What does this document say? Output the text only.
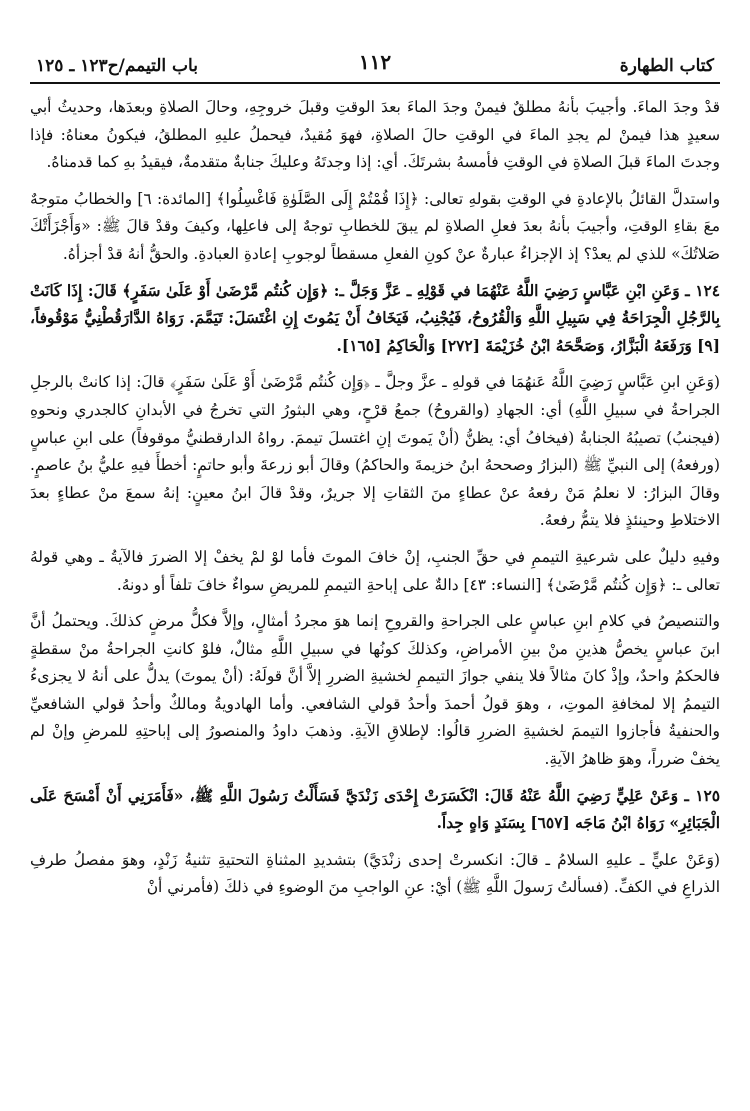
كتاب الطهارة
١١٢
باب التيمم/ح١٢٣ ـ ١٢٥

قدْ وجدَ الماءَ. وأجيبَ بأنهُ مطلقٌ فيمنْ وجدَ الماءَ بعدَ الوقتِ وقبلَ خروجِهِ، وحالَ الصلاةِ وبعدَها، وحديثُ أبي سعيدٍ هذا فيمنْ لم يجدِ الماءَ في الوقتِ حالَ الصلاةِ، فهوَ مُقيدٌ، فيحملُ عليهِ المطلقُ، فيكونُ معناهُ: فإذا وجدتَ الماءَ قبلَ الصلاةِ في الوقتِ فأمسهُ بشرتَكَ. أي: إذا وجدتَهُ وعليكَ جنابةٌ متقدمةٌ، فيقيدُ بهِ كما قدمناهُ.

واستدلَّ القائلُ بالإعادةِ في الوقتِ بقولهِ تعالى: ﴿إِذَا قُمْتُمْ إِلَى الصَّلَوٰةِ فَاغْسِلُوا﴾ [المائدة: ٦] والخطابُ متوجهٌ معَ بقاءِ الوقتِ، وأجيبَ بأنهُ بعدَ فعلِ الصلاةِ لم يبقَ للخطابِ توجهٌ إلى فاعلِها، وكيفَ وقدْ قالَ ﷺ: «وَأَجْزَأَتْكَ صَلاتُكَ» للذي لم يعدْ؟ إذ الإجزاءُ عبارةٌ عنْ كونِ الفعلِ مسقطاً لوجوبِ إعادةِ العبادةِ. والحقُّ أنهُ قدْ أجزأهُ.

١٢٤ ـ وَعَنِ ابْنِ عَبَّاسٍ رَضِيَ اللَّهُ عَنْهُمَا في قَوْلِهِ ـ عَزَّ وَجَلَّ ـ: ﴿وَإِن كُنتُم مَّرْضَىٰ أَوْ عَلَىٰ سَفَرٍ﴾ قَالَ: إِذَا كَانَتْ بِالرَّجُلِ الْجِرَاحَةُ فِي سَبِيلِ اللَّهِ وَالْقُرُوحُ، فَيُجْنِبُ، فَيَخَافُ أَنْ يَمُوتَ إِنِ اغْتَسَلَ: تَيَمَّمَ. رَوَاهُ الدَّارَقُطْنِيُّ مَوْقُوفاً، [٩] وَرَفَعَهُ الْبَزَّارُ، وَصَحَّحَهُ ابْنُ خُزَيْمَةَ [٢٧٢] وَالْحَاكِمُ [١٦٥].

(وَعَنِ ابنِ عَبَّاسٍ رَضِيَ اللَّهُ عَنهُمَا في قولهِ ـ عزَّ وجلَّ ـ ﴿وَإِن كُنتُم مَّرْضَىٰ أَوْ عَلَىٰ سَفَرٍ﴾ قالَ: إذا كانتْ بالرجلِ الجراحةُ في سبيلِ اللَّهِ) أي: الجهادِ (والقروحُ) جمعُ قرْحٍ، وهي البثورُ التي تخرجُ في الأبدانِ كالجدري ونحوهِ (فيجنبُ) تصيبُهُ الجنابةُ (فيخافُ أي: يظنُّ (أنْ يَموتَ إنِ اغتسلَ تيممَ. رواهُ الدارقطنيُّ موقوفاً) على ابنِ عباسٍ (ورفعهُ) إلى النبيِّ ﷺ (البزارُ وصححهُ ابنُ خزيمةَ والحاكمُ) وقالَ أبو زرعةَ وأبو حاتمٍ: أخطأَ فيهِ عليُّ بنُ عاصمٍ. وقالَ البزارُ: لا نعلمُ مَنْ رفعهُ عنْ عطاءٍ منَ الثقاتِ إلا جريرٌ، وقدْ قالَ ابنُ معينٍ: إنهُ سمعَ منْ عطاءٍ بعدَ الاختلاطِ وحينئذٍ فلا يتمُّ رفعهُ.

وفيهِ دليلٌ على شرعيةِ التيممِ في حقِّ الجنبِ، إنْ خافَ الموتَ فأما لوْ لمْ يخفْ إلا الضررَ فالآيةُ ـ وهي قولهُ تعالى ـ: ﴿وَإِن كُنتُم مَّرْضَىٰ﴾ [النساء: ٤٣] دالةٌ على إباحةِ التيممِ للمريضِ سواءٌ خافَ تلفاً أو دونهُ.

والتنصيصُ في كلامِ ابنِ عباسٍ على الجراحةِ والقروحِ إنما هوَ مجردُ أمثالٍ، وإلاَّ فكلُّ مرضٍ كذلكَ. ويحتملُ أنَّ ابنَ عباسٍ يخصُّ هذينِ منْ بينِ الأمراضِ، وكذلكَ كونُها في سبيلِ اللَّهِ مثالٌ، فلوْ كانتِ الجراحةُ منْ سقطةٍ فالحكمُ واحدٌ، وإذْ كانَ مثالاً فلا ينفي جوازَ التيممِ لخشيةِ الضررِ إلاَّ أنَّ قولَهُ: (أنْ يموتَ) يدلُّ على أنهُ لا يجزىءُ التيممُ إلا لمخافةِ الموتِ، ، وهوَ قولُ أحمدَ وأحدُ قولي الشافعي. وأما الهادويةُ ومالكٌ وأحدُ قولي الشافعيِّ والحنفيةُ فأجازوا التيممَ لخشيةِ الضررِ قالُوا: لإطلاقِ الآيةِ. وذهبَ داودُ والمنصورُ إلى إباحتِهِ للمرضِ وإنْ لم يخفْ ضرراً، وهوَ ظاهرُ الآيةِ.

١٢٥ ـ وَعَنْ عَلِيٍّ رَضِيَ اللَّهُ عَنْهُ قَالَ: انْكَسَرَتْ إِحْدَى زَنْدَيَّ فَسَأَلْتُ رَسُولَ اللَّهِ ﷺ، «فَأَمَرَنِي أَنْ أَمْسَحَ عَلَى الْجَبَائِرِ» رَوَاهُ ابْنُ مَاجَه [٦٥٧] بِسَنَدٍ وَاهٍ جِداً.

(وَعَنْ عليٍّ ـ عليهِ السلامُ ـ قالَ: انكسرتْ إحدى زنْدَيَّ) بتشديدِ المثناةِ التحتيةِ تثنيةُ زَنْدٍ، وهوَ مفصلُ طرفِ الذراعِ في الكفِّ. (فسألتُ رَسولَ اللَّهِ ﷺ) أيْ: عنِ الواجبِ منَ الوضوءِ في ذلكَ (فأمرني أنْ
